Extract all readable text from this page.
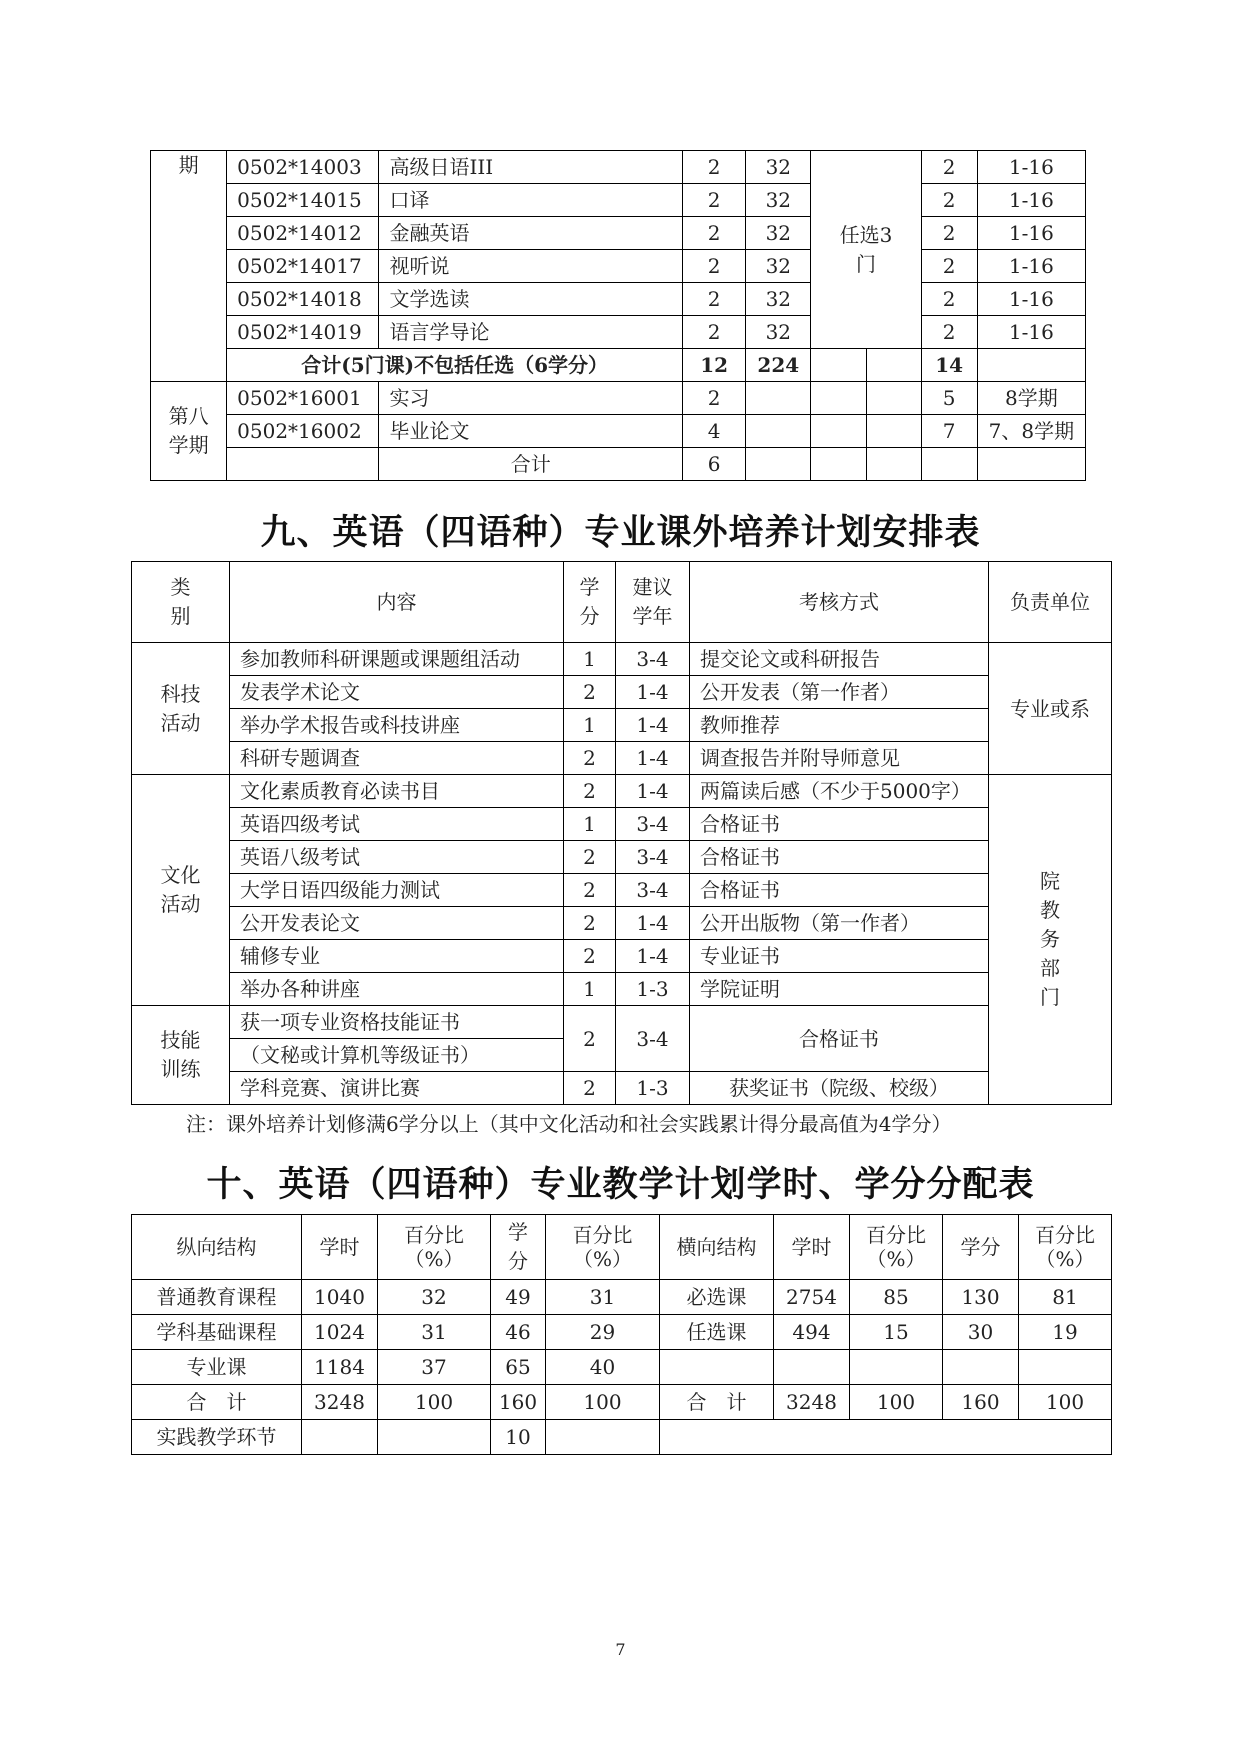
期	0502*14003	高级日语III	2	32	任选3门		2	1-16
	0502*14015	口译	2	32			2	1-16
	0502*14012	金融英语	2	32			2	1-16
	0502*14017	视听说	2	32			2	1-16
	0502*14018	文学选读	2	32			2	1-16
	0502*14019	语言学导论	2	32			2	1-16
	合计(5门课)不包括任选（6学分）		12	224			14	
第八学期	0502*16001	实习	2				5	8学期
	0502*16002	毕业论文	4				7	7、8学期
		合计	6					
九、英语（四语种）专业课外培养计划安排表
类别	内容	学分	建议学年	考核方式	负责单位
科技活动	参加教师科研课题或课题组活动	1	3-4	提交论文或科研报告	专业或系
	发表学术论文	2	1-4	公开发表（第一作者）	
	举办学术报告或科技讲座	1	1-4	教师推荐	
	科研专题调查	2	1-4	调查报告并附导师意见	
文化活动	文化素质教育必读书目	2	1-4	两篇读后感（不少于5000字）	院教务部门
	英语四级考试	1	3-4	合格证书	
	英语八级考试	2	3-4	合格证书	
	大学日语四级能力测试	2	3-4	合格证书	
	公开发表论文	2	1-4	公开出版物（第一作者）	
	辅修专业	2	1-4	专业证书	
	举办各种讲座	1	1-3	学院证明	
技能训练	获一项专业资格技能证书	2	3-4	合格证书	
	（文秘或计算机等级证书）				
	学科竞赛、演讲比赛	2	1-3	获奖证书（院级、校级）	

注：课外培养计划修满6学分以上（其中文化活动和社会实践累计得分最高值为4学分）

十、英语（四语种）专业教学计划学时、学分分配表
纵向结构	学时	百分比（%）	学分	百分比（%）	横向结构	学时	百分比（%）	学分	百分比（%）
普通教育课程	1040	32	49	31	必选课	2754	85	130	81
学科基础课程	1024	31	46	29	任选课	494	15	30	19
专业课	1184	37	65	40					
合　计	3248	100	160	100	合　计	3248	100	160	100
实践教学环节			10						
7
